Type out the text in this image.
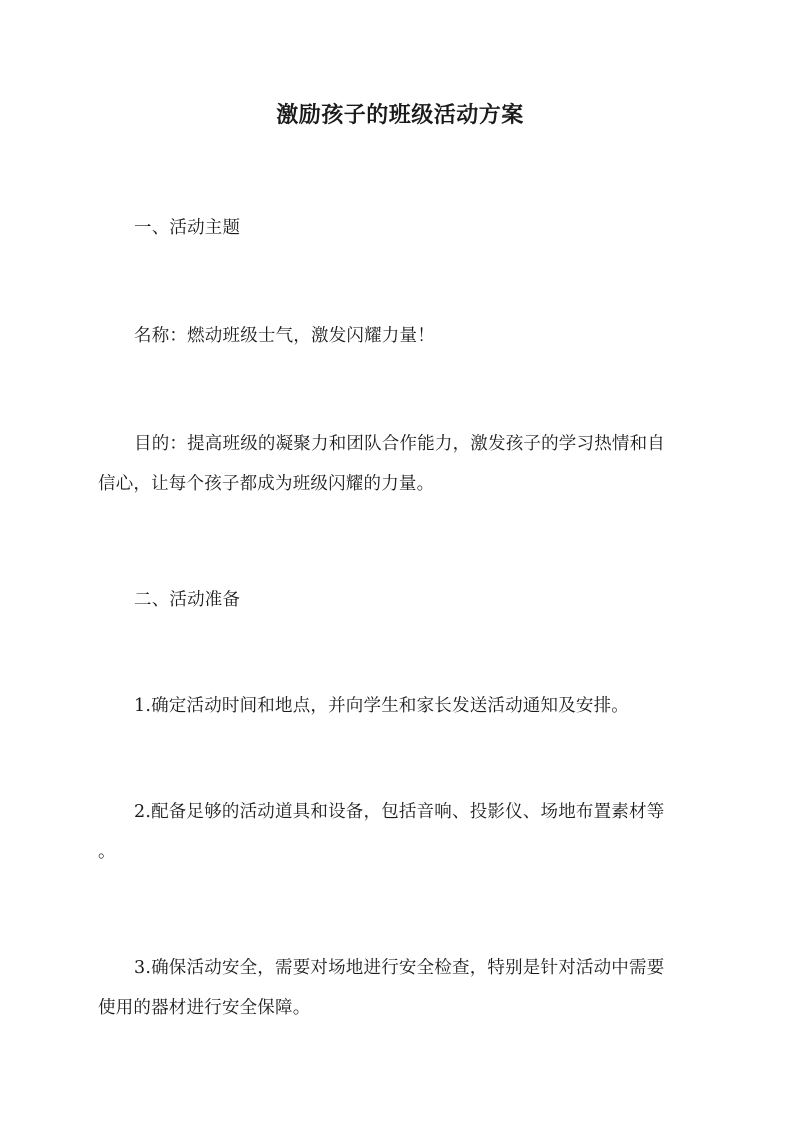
激励孩子的班级活动方案
一、活动主题
名称：燃动班级士气，激发闪耀力量！
目的：提高班级的凝聚力和团队合作能力，激发孩子的学习热情和自
信心，让每个孩子都成为班级闪耀的力量。
二、活动准备
1.确定活动时间和地点，并向学生和家长发送活动通知及安排。
2.配备足够的活动道具和设备，包括音响、投影仪、场地布置素材等
。
3.确保活动安全，需要对场地进行安全检查，特别是针对活动中需要
使用的器材进行安全保障。
